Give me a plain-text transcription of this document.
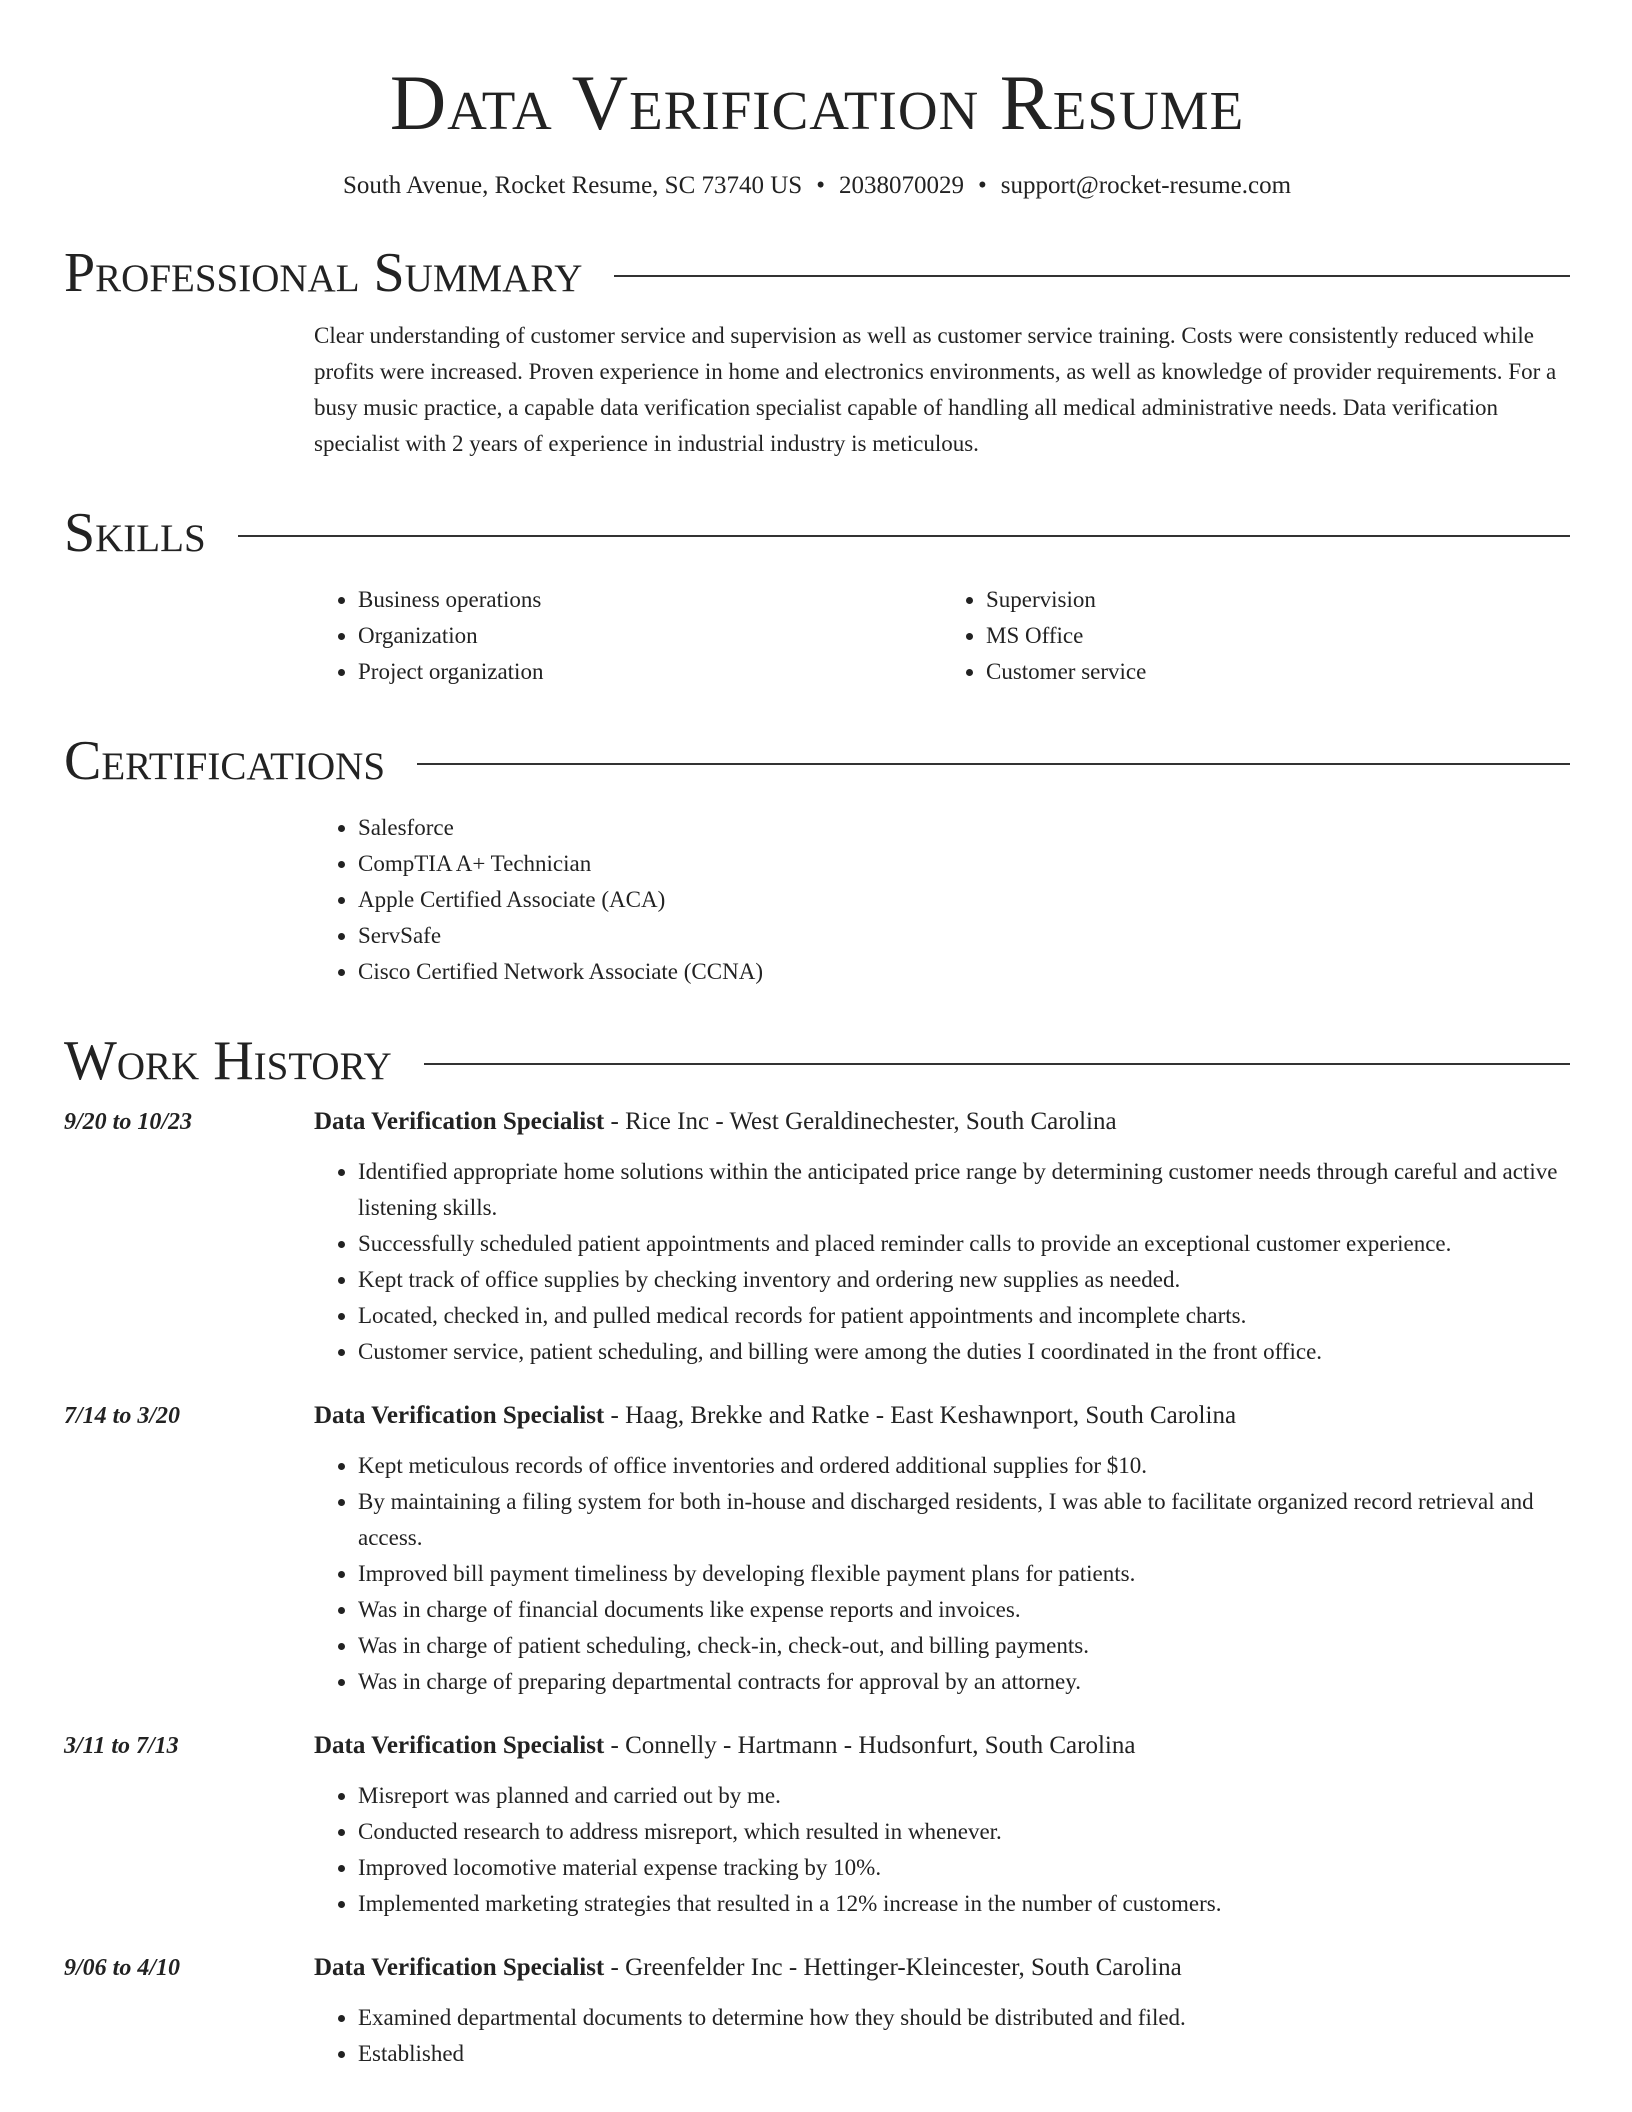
Data Verification Resume
South Avenue, Rocket Resume, SC 73740 US • 2038070029 • support@rocket-resume.com
Professional Summary
Clear understanding of customer service and supervision as well as customer service training. Costs were consistently reduced while profits were increased. Proven experience in home and electronics environments, as well as knowledge of provider requirements. For a busy music practice, a capable data verification specialist capable of handling all medical administrative needs. Data verification specialist with 2 years of experience in industrial industry is meticulous.
Skills
• Business operations
• Organization
• Project organization
• Supervision
• MS Office
• Customer service
Certifications
• Salesforce
• CompTIA A+ Technician
• Apple Certified Associate (ACA)
• ServSafe
• Cisco Certified Network Associate (CCNA)
Work History
9/20 to 10/23	Data Verification Specialist - Rice Inc - West Geraldinechester, South Carolina
• Identified appropriate home solutions within the anticipated price range by determining customer needs through careful and active listening skills.
• Successfully scheduled patient appointments and placed reminder calls to provide an exceptional customer experience.
• Kept track of office supplies by checking inventory and ordering new supplies as needed.
• Located, checked in, and pulled medical records for patient appointments and incomplete charts.
• Customer service, patient scheduling, and billing were among the duties I coordinated in the front office.
7/14 to 3/20	Data Verification Specialist - Haag, Brekke and Ratke - East Keshawnport, South Carolina
• Kept meticulous records of office inventories and ordered additional supplies for $10.
• By maintaining a filing system for both in-house and discharged residents, I was able to facilitate organized record retrieval and access.
• Improved bill payment timeliness by developing flexible payment plans for patients.
• Was in charge of financial documents like expense reports and invoices.
• Was in charge of patient scheduling, check-in, check-out, and billing payments.
• Was in charge of preparing departmental contracts for approval by an attorney.
3/11 to 7/13	Data Verification Specialist - Connelly - Hartmann - Hudsonfurt, South Carolina
• Misreport was planned and carried out by me.
• Conducted research to address misreport, which resulted in whenever.
• Improved locomotive material expense tracking by 10%.
• Implemented marketing strategies that resulted in a 12% increase in the number of customers.
9/06 to 4/10	Data Verification Specialist - Greenfelder Inc - Hettinger-Kleincester, South Carolina
• Examined departmental documents to determine how they should be distributed and filed.
• Established
